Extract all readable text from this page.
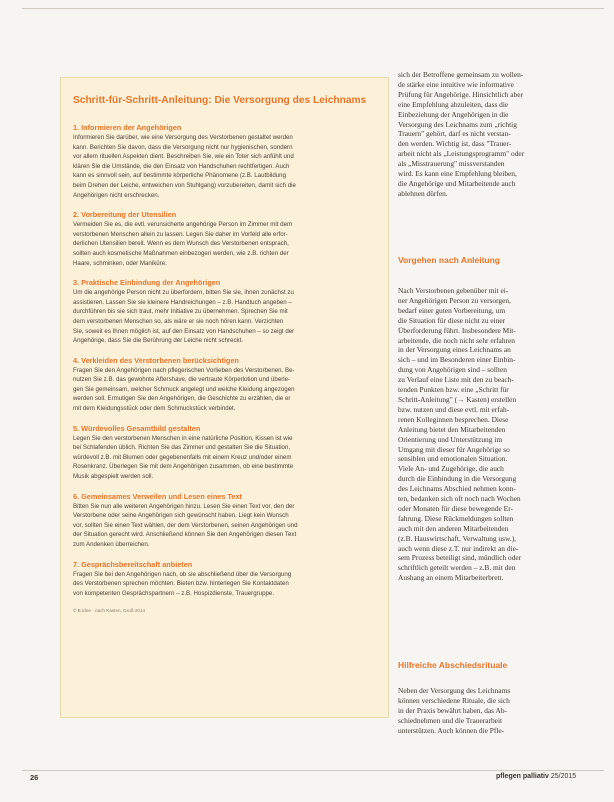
Schritt-für-Schritt-Anleitung: Die Versorgung des Leichnams
1. Informieren der Angehörigen

Informieren Sie darüber, wie eine Versorgung des Verstorbenen gestaltet werden
kann. Berichten Sie davon, dass die Versorgung nicht nur hygienischen, sondern
vor allem rituellen Aspekten dient. Beschreiben Sie, wie ein Toter sich anfühlt und
klären Sie die Umstände, die den Einsatz von Handschuhen rechtfertigen. Auch
kann es sinnvoll sein, auf bestimmte körperliche Phänomene (z.B. Lautbildung
beim Drehen der Leiche, entweichen von Stuhlgang) vorzubereiten, damit sich die
Angehörigen nicht erschrecken.

2. Vorbereitung der Utensilien

Vermeiden Sie es, die evtl. verunsicherte angehörige Person im Zimmer mit dem
verstorbenen Menschen allein zu lassen. Legen Sie daher im Vorfeld alle erfor-
derlichen Utensilien bereit. Wenn es dem Wunsch des Verstorbenen entsprach,
sollten auch kosmetische Maßnahmen einbezogen werden, wie z.B. richten der
Haare, schminken, oder Maniküre.

3. Praktische Einbindung der Angehörigen

Um die angehörige Person nicht zu überfordern, bitten Sie sie, ihnen zunächst zu
assistieren. Lassen Sie sie kleinere Handreichungen – z.B. Handtuch angeben –
durchführen bis sie sich traut, mehr Initiative zu übernehmen. Sprechen Sie mit
dem verstorbenen Menschen so, als wäre er sie noch hören kann. Verzichten
Sie, soweit es Ihnen möglich ist, auf den Einsatz von Handschuhen – so zeigt der
Angehörige, dass Sie die Berührung der Leiche nicht schreckt.

4. Verkleiden des Verstorbenen berücksichtigen

Fragen Sie den Angehörigen nach pflegerischen Vorlieben des Verstorbenen. Be-
nutzen Sie z.B. das gewohnte Aftershave, die vertraute Körperlotion und überle-
gen Sie gemeinsam, welcher Schmuck angelegt und welche Kleidung angezogen
werden soll. Ermutigen Sie den Angehörigen, die Geschichte zu erzählen, die er
mit dem Kleidungsstück oder dem Schmuckstück verbindet.

5. Würdevolles Gesamtbild gestalten

Legen Sie den verstorbenen Menschen in eine natürliche Position, Kissen ist wie
bei Schlafenden üblich. Richten Sie das Zimmer und gestalten Sie die Situation,
würdevoll z.B. mit Blumen oder gegebenenfalls mit einem Kreuz und/oder einem
Rosenkranz. Überlegen Sie mit dem Angehörigen zusammen, ob eine bestimmte
Musik abgespielt werden soll.

6. Gemeinsames Verweilen und Lesen eines Text

Bitten Sie nun alle weiteren Angehörigen hinzu. Lesen Sie einen Text vor, den der
Verstorbene oder seine Angehörigen sich gewünscht haben. Liegt kein Wunsch
vor, sollten Sie einen Text wählen, der dem Verstorbenen, seinen Angehörigen und
der Situation gerecht wird. Anschließend können Sie den Angehörigen diesen Text
zum Andenken überreichen.

7. Gesprächsbereitschaft anbieten

Fragen Sie bei den Angehörigen nach, ob sie abschließend über die Versorgung
des Verstorbenen sprechen möchten. Bieten bzw. hinterlegen Sie Kontaktdaten
von kompetenten Gesprächspartnern – z.B. Hospizdienste, Trauergruppe.

© B.Idee · nach Kasten, Gruß 2014

sich der Betroffene gemeinsam zu wollen-
de stärke eine intuitive wie informative
Prüfung für Angehörige. Hinsichtlich aber
eine Empfehlung abzuleiten, dass die
Einbeziehung der Angehörigen in die
Versorgung des Leichnams zum „richtig
Trauern" gehört, darf es nicht verstan-
den werden. Wichtig ist, dass "Trauer-
arbeit nicht als „Leistungsprogramm" oder
als „Misstrauerung" missverstanden
wird. Es kann eine Empfehlung bleiben,
die Angehörige und Mitarbeitende auch
ablehnen dürfen.

Vorgehen nach Anleitung

Nach Verstorbenen gebenüber mit ei-
ner Angehörigen Person zu versorgen,
bedarf einer guten Vorbereitung, um
die Situation für diese nicht zu einer
Überforderung führt. Insbesondere Mit-
arbeitende, die noch nicht sehr erfahren
in der Versorgung eines Leichnams an
sich – und im Besonderen einer Einbin-
dung von Angehörigen sind – sollten
zu Verlauf eine Liste mit den zu beach-
tenden Punkten bzw. eine „Schritt für
Schritt-Anleitung" (→ Kasten) erstellen
bzw. nutzen und diese evtl. mit erfah-
renen Kolleginnen besprechen. Diese
Anleitung bietet den Mitarbeitenden
Orientierung und Unterstützung im
Umgang mit dieser für Angehörige so
sensiblen und emotionalen Situation.
Viele An- und Zugehörige, die auch
durch die Einbindung in die Versorgung
des Leichnams Abschied nehmen konn-
ten, bedanken sich oft noch nach Wochen
oder Monaten für diese bewegende Er-
fahrung. Diese Rückmeldungen sollten
auch mit den anderen Mitarbeitenden
(z.B. Hauswirtschaft, Verwaltung usw.),
auch wenn diese z.T. nur indirekt an die-
sem Prozess beteiligt sind, mündlich oder
schriftlich geteilt werden – z.B. mit den
Aushang an einem Mitarbeiterbrett.

Hilfreiche Abschiedsrituale

Neben der Versorgung des Leichnams
können verschiedene Rituale, die sich
in der Praxis bewährt haben, das Ab-
schiednehmen und die Trauerarbeit
unterstützen. Auch können die Pfle-

26	pflegen palliativ 25/2015
